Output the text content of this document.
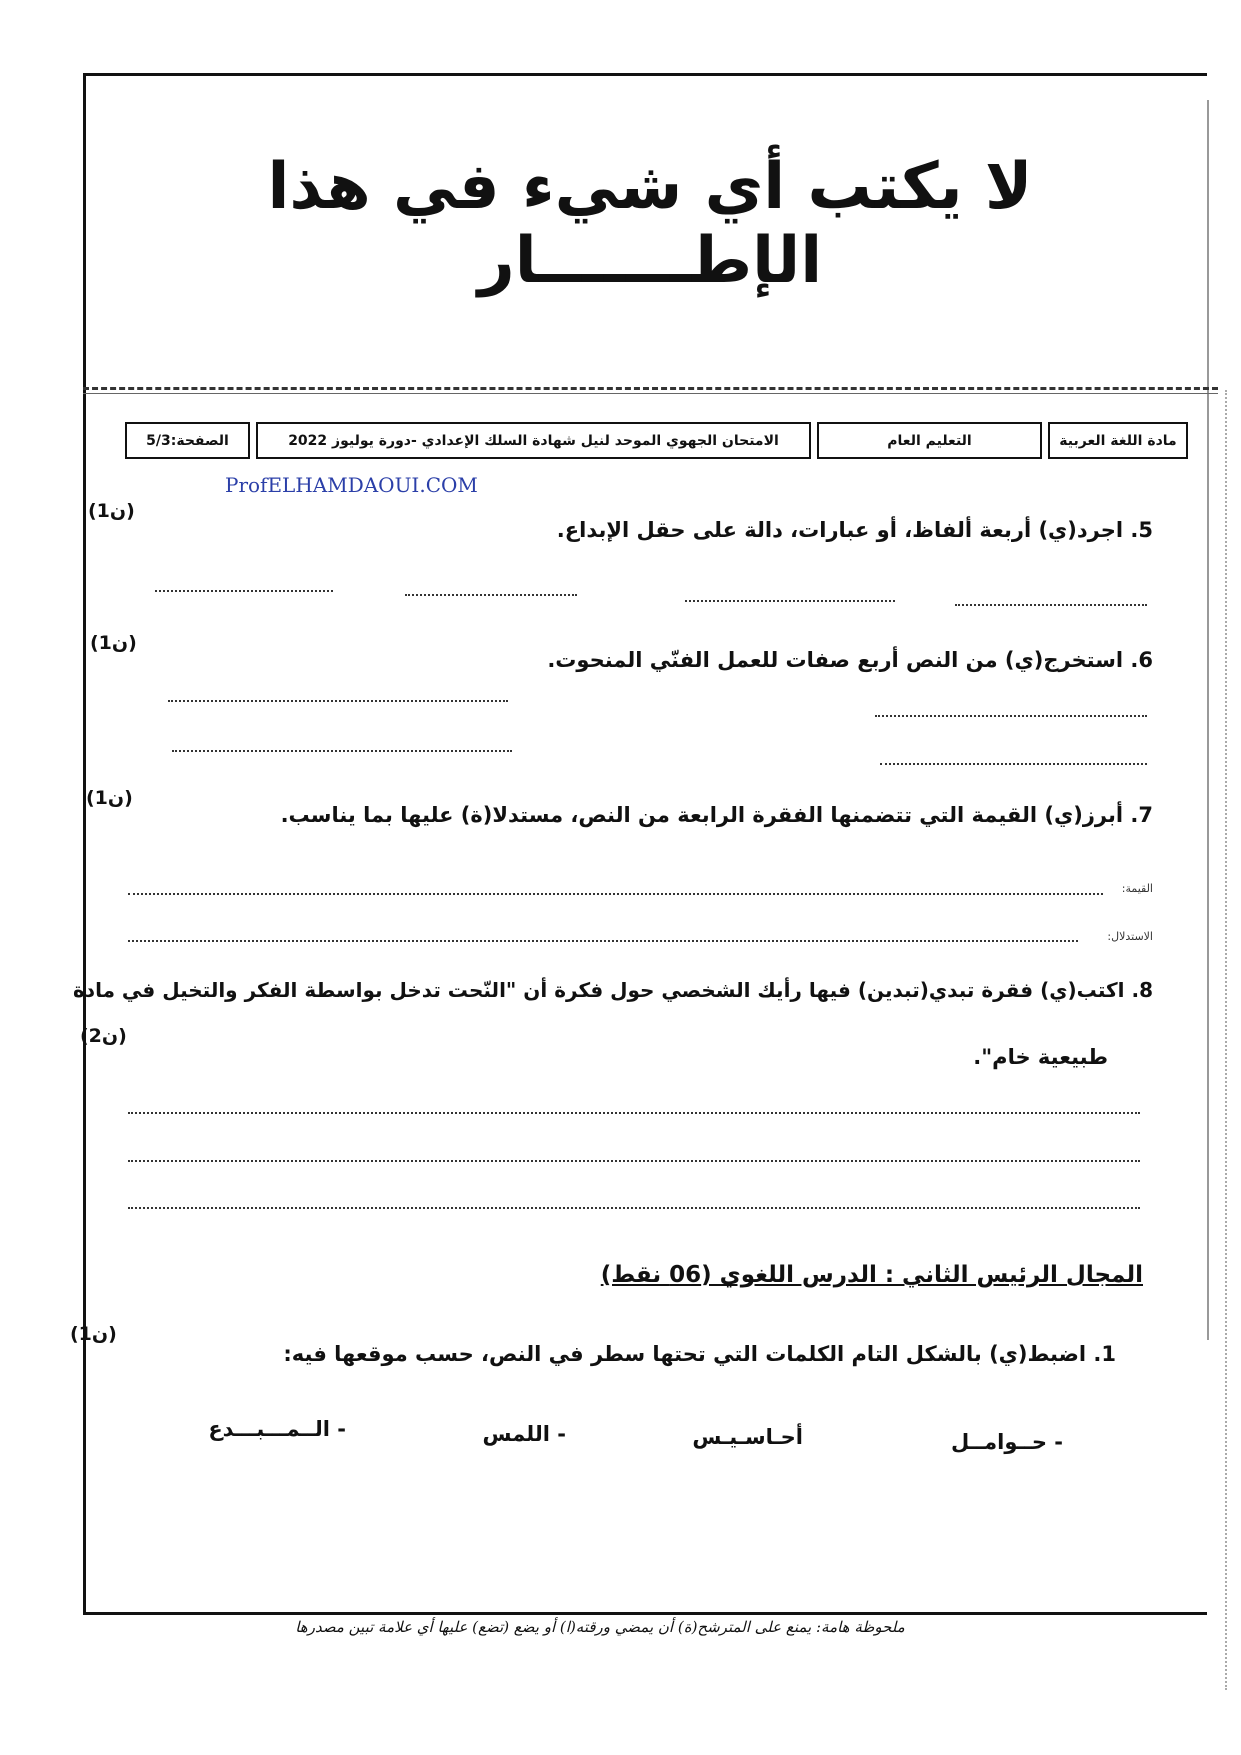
لا يكتب أي شيء في هذا الإطـــــــار
مادة اللغة العربية
التعليم العام
الامتحان الجهوي الموحد لنيل شهادة السلك الإعدادي -دورة يوليوز 2022
الصفحة:5/3
ProfELHAMDAOUI.COM
5. اجرد(ي) أربعة ألفاظ، أو عبارات، دالة على حقل الإبداع.
(1ن)
6. استخرج(ي) من النص أربع صفات للعمل الفنّي المنحوت.
(1ن)
7. أبرز(ي) القيمة التي تتضمنها الفقرة الرابعة من النص، مستدلا(ة) عليها بما يناسب.
(1ن)
القيمة:
الاستدلال:
8. اكتب(ي) فقرة تبدي(تبدين) فيها رأيك الشخصي حول فكرة أن "النّحت تدخل بواسطة الفكر والتخيل في مادة
طبيعية خام".
(2ن)
المجال الرئيس الثاني : الدرس اللغوي (06 نقط)
1. اضبط(ي) بالشكل التام الكلمات التي تحتها سطر في النص، حسب موقعها فيه:
(1ن)
- حــوامــل
أحـاسـيـس
- اللمس
- الــمـــبـــدع
ملحوظة هامة: يمنع على المترشح(ة) أن يمضي ورقته(ا) أو يضع (تضع) عليها أي علامة تبين مصدرها
